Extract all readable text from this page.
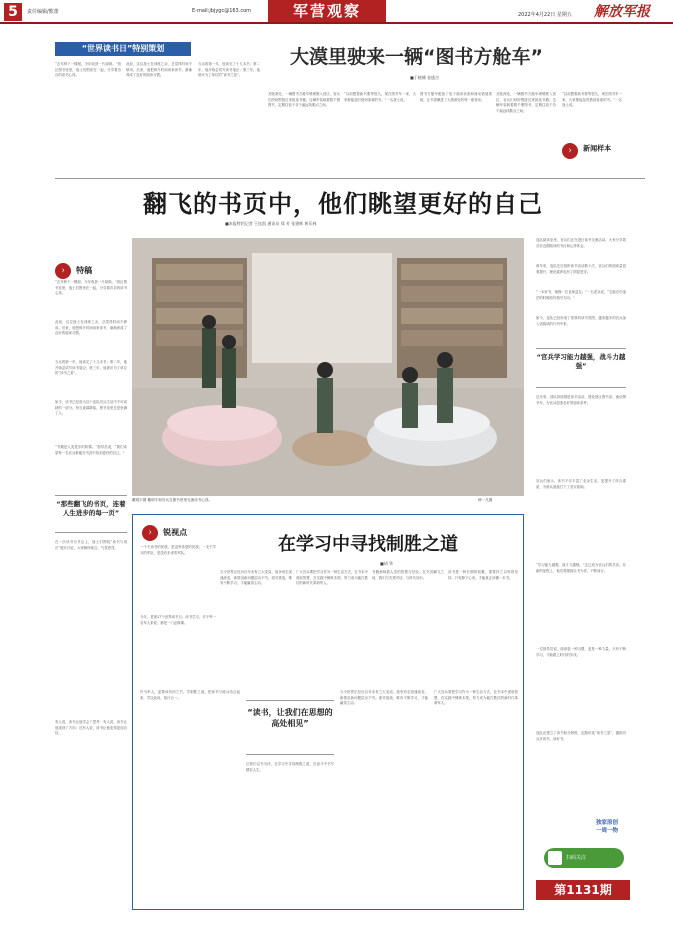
5	责任编辑/熊蕾	E-mail:jbjygc@163.com	军营观察	2022年4月22日 星期五 解放军报
“世界读书日”特别策划

“去年种下一棵树，今年收获一片绿荫。”营区图书室里，战士们围坐在一起，分享着各自的读书心得。

此前，这位战士在训练之余，总觉得时间不够用。后来，他把碎片时间用来读书，渐渐养成了良好的阅读习惯。

当兵的第一年，他读完了十几本书；第二年，他开始尝试写读书笔记；第三年，他被评为了单位的“读书之星”。

大漠里驶来一辆“图书方舱车”
■于晓城 金逢吉

戈壁深处，一辆图书方舱车缓缓驶入营区，官兵们纷纷围拢过来挑选书籍。这辆车装载着数千册图书，定期往返于各个偏远执勤点之间。

“以前想看新书要等很久，现在图书车一来，大家都能及时借到喜欢的书。”一名战士说。

图书方舱车配备了电子阅读设备和流动借阅系统，让书香飘进了大漠深处的每一座营房。

戈壁深处，一辆图书方舱车缓缓驶入营区，官兵们纷纷围拢过来挑选书籍。这辆车装载着数千册图书，定期往返于各个偏远执勤点之间。

“以前想看新书要等很久，现在图书车一来，大家都能及时借到喜欢的书。”一名战士说。

› 新闻样本
翻飞的书页中，他们眺望更好的自己
■本报特约记者 王钰凯 通讯员 郑 芳 张建辉 黄乐林
› 特稿

“去年种下一棵树，今年收获一片绿荫。”营区图书室里，战士们围坐在一起，分享着各自的读书心得。

此前，这位战士在训练之余，总觉得时间不够用。后来，他把碎片时间用来读书，渐渐养成了良好的阅读习惯。

当兵的第一年，他读完了十几本书；第二年，他开始尝试写读书笔记；第三年，他被评为了单位的“读书之星”。

如今，读书已经成为这个连队官兵生活中不可或缺的一部分。每当夜幕降临，图书室里总是坐满了人。

“书籍是人类进步的阶梯。”指导员说，“我们希望每一名官兵都能在书页中找到更好的自己。”

“那些翻飞的书页，连着人生进步的每一页”

在一次读书分享会上，战士们围绕“读书与成长”展开讨论，大家畅所欲言，气氛热烈。

有人说，读书让他学会了思考；有人说，读书让他找到了方向；还有人说，读书让他变得更加自信。

戴明宇摄 戴明宇和官兵在图书馆里交流读书心得。	韩一凡摄

连队阅读室里，官兵们正在进行读书交流活动。大家分享着各自近期阅读的书目和心得体会。

两年来，连队先后组织读书活动数十次，官兵们的阅读量显著提升，理论素养也有了明显进步。

“一本好书，就像一位良师益友。”一名老兵说，“它能在你迷茫的时候给你指引方向。”

如今，连队已经形成了浓厚的读书氛围，越来越多的官兵加入到阅读的行列中来。

“官兵学习能力越强，战斗力越强”

近年来，部队持续推进读书活动，建设营区图书室、流动图书车，为官兵创造良好的阅读条件。

官兵们表示，读书不仅丰富了业余生活，更提升了综合素质，为练兵备战打下了坚实基础。

“学习能力越强，战斗力越强。”这已成为官兵们的共识。在新的征程上，他们将继续以书为伴，不断前行。

一位指导员说，阅读是一种习惯，更是一种力量。只有不断学习，才能跟上时代的步伐。

连队还建立了读书积分制度，定期评选“读书之星”，激励官兵多读书、读好书。

› 锐视点
在学习中寻找制胜之道
■胡 华

一个不读书的民族，是没有希望的民族；一支不学习的军队，是没有未来的军队。

今年，是第27个世界读书日。读书学习，对于每一名军人来说，都是一门必修课。

当今世界正经历百年未有之大变局，战争形态加速演变，新情况新问题层出不穷。面对挑战，唯有不断学习，才能赢得主动。

广大官兵要把学习作为一种生活方式，在书本中汲取智慧，在实践中锤炼本领，努力成为能打胜仗的新时代革命军人。

书籍承载着人类的智慧与经验。在书页翻飞之间，我们与先贤对话，与时代同行。

读书是一种长期的积累，需要持之以恒的坚持。只有静下心来，才能真正读懂一本书。

作为军人，更要读有用之书，学制胜之道。把读书与练兵结合起来，学以致用，知行合一。

“读书，让我们在思想的高处相见”

让我们以书为伴，在学习中寻找制胜之道，在奋斗中书写精彩人生。

当今世界正经历百年未有之大变局，战争形态加速演变，新情况新问题层出不穷。面对挑战，唯有不断学习，才能赢得主动。

广大官兵要把学习作为一种生活方式，在书本中汲取智慧，在实践中锤炼本领，努力成为能打胜仗的新时代革命军人。

独家原创
一周一物
扫码关注
第1131期
